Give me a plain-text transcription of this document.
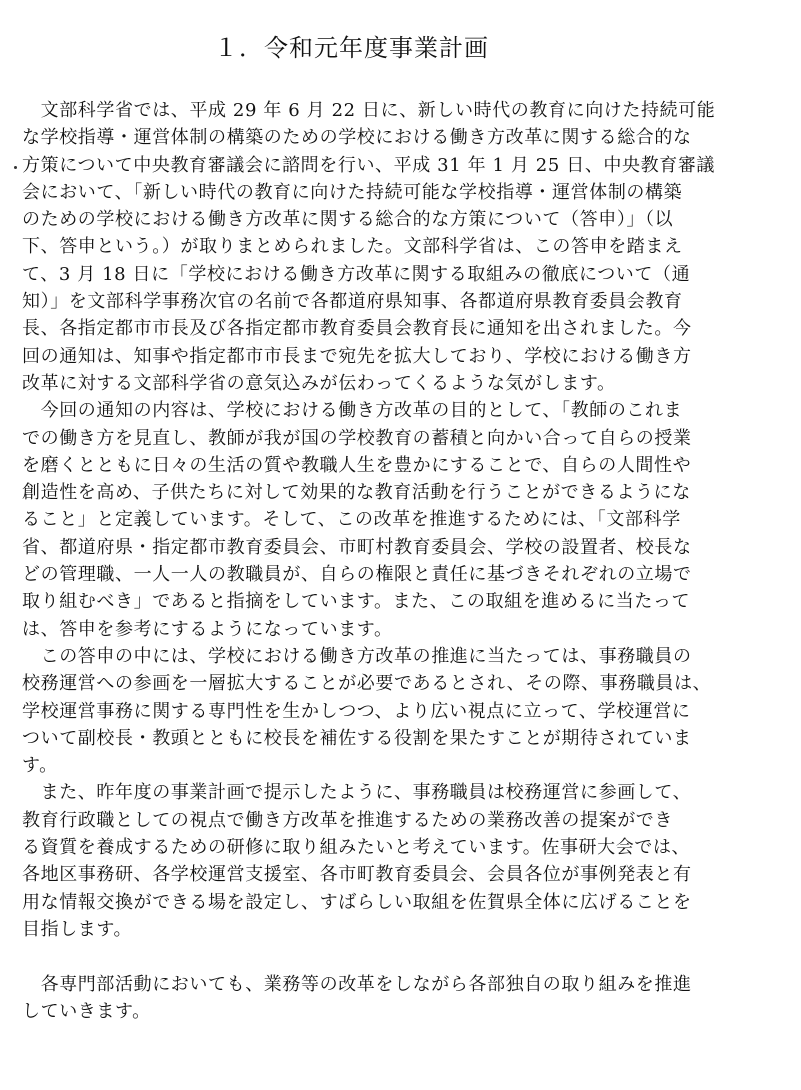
１．令和元年度事業計画
　文部科学省では、平成 29 年 6 月 22 日に、新しい時代の教育に向けた持続可能
な学校指導・運営体制の構築のための学校における働き方改革に関する総合的な
方策について中央教育審議会に諮問を行い、平成 31 年 1 月 25 日、中央教育審議
会において、「新しい時代の教育に向けた持続可能な学校指導・運営体制の構築
のための学校における働き方改革に関する総合的な方策について（答申）」（以
下、答申という。）が取りまとめられました。文部科学省は、この答申を踏まえ
て、3 月 18 日に「学校における働き方改革に関する取組みの徹底について（通
知）」を文部科学事務次官の名前で各都道府県知事、各都道府県教育委員会教育
長、各指定都市市長及び各指定都市教育委員会教育長に通知を出されました。今
回の通知は、知事や指定都市市長まで宛先を拡大しており、学校における働き方
改革に対する文部科学省の意気込みが伝わってくるような気がします。
　今回の通知の内容は、学校における働き方改革の目的として、「教師のこれま
での働き方を見直し、教師が我が国の学校教育の蓄積と向かい合って自らの授業
を磨くとともに日々の生活の質や教職人生を豊かにすることで、自らの人間性や
創造性を高め、子供たちに対して効果的な教育活動を行うことができるようにな
ること」と定義しています。そして、この改革を推進するためには、「文部科学
省、都道府県・指定都市教育委員会、市町村教育委員会、学校の設置者、校長な
どの管理職、一人一人の教職員が、自らの権限と責任に基づきそれぞれの立場で
取り組むべき」であると指摘をしています。また、この取組を進めるに当たって
は、答申を参考にするようになっています。
　この答申の中には、学校における働き方改革の推進に当たっては、事務職員の
校務運営への参画を一層拡大することが必要であるとされ、その際、事務職員は、
学校運営事務に関する専門性を生かしつつ、より広い視点に立って、学校運営に
ついて副校長・教頭とともに校長を補佐する役割を果たすことが期待されていま
す。
　また、昨年度の事業計画で提示したように、事務職員は校務運営に参画して、
教育行政職としての視点で働き方改革を推進するための業務改善の提案ができ
る資質を養成するための研修に取り組みたいと考えています。佐事研大会では、
各地区事務研、各学校運営支援室、各市町教育委員会、会員各位が事例発表と有
用な情報交換ができる場を設定し、すばらしい取組を佐賀県全体に広げることを
目指します。
　各専門部活動においても、業務等の改革をしながら各部独自の取り組みを推進
していきます。
